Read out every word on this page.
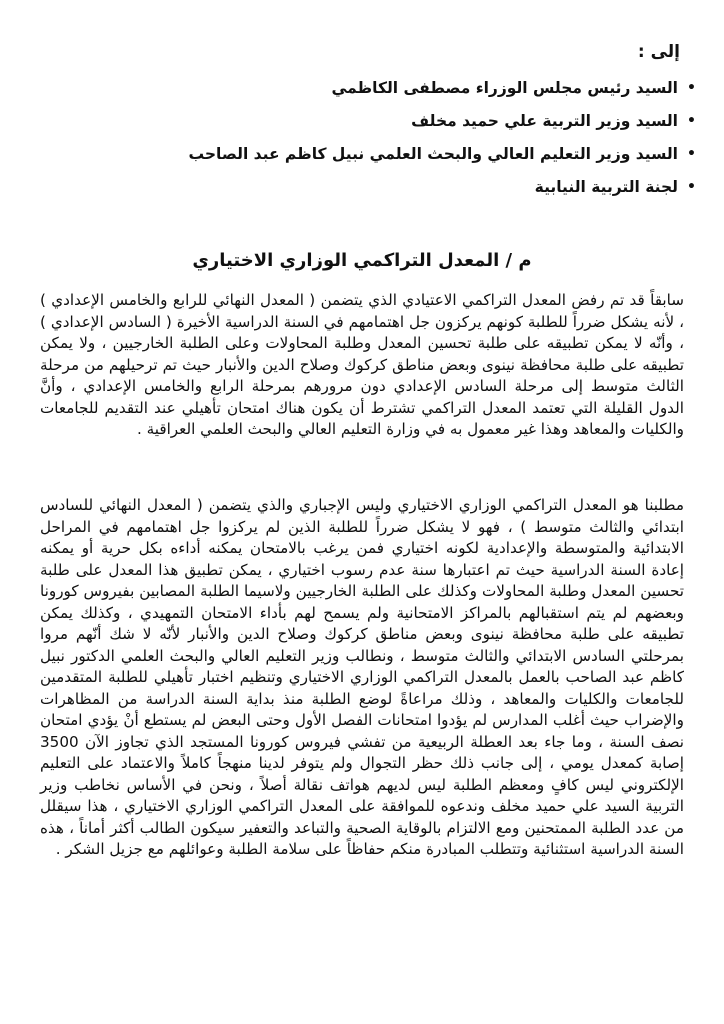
إلى :
•
السيد رئيس مجلس الوزراء مصطفى الكاظمي
•
السيد وزير التربية علي حميد مخلف
•
السيد وزير التعليم العالي والبحث العلمي نبيل كاظم عبد الصاحب
•
لجنة التربية النيابية
م / المعدل التراكمي الوزاري الاختياري

سابقاً قد تم رفض المعدل التراكمي الاعتيادي الذي يتضمن ( المعدل النهائي للرابع والخامس الإعدادي ) ، لأنه يشكل ضرراً للطلبة كونهم يركزون جل اهتمامهم في السنة الدراسية الأخيرة ( السادس الإعدادي ) ، وأنّه لا يمكن تطبيقه على طلبة تحسين المعدل وطلبة المحاولات وعلى الطلبة الخارجيين ، ولا يمكن تطبيقه على طلبة محافظة نينوى وبعض مناطق كركوك وصلاح الدين والأنبار حيث تم ترحيلهم من مرحلة الثالث متوسط إلى مرحلة السادس الإعدادي دون مرورهم بمرحلة الرابع والخامس الإعدادي ، وأنَّ الدول القليلة التي تعتمد المعدل التراكمي تشترط أن يكون هناك امتحان تأهيلي عند التقديم للجامعات والكليات والمعاهد وهذا غير معمول به في وزارة التعليم العالي والبحث العلمي العراقية .

مطلبنا هو المعدل التراكمي الوزاري الاختياري وليس الإجباري والذي يتضمن ( المعدل النهائي للسادس ابتدائي والثالث متوسط ) ، فهو لا يشكل ضرراً للطلبة الذين لم يركزوا جل اهتمامهم في المراحل الابتدائية والمتوسطة والإعدادية لكونه اختياري فمن يرغب بالامتحان يمكنه أداءه بكل حرية أو يمكنه إعادة السنة الدراسية حيث تم اعتبارها سنة عدم رسوب اختياري ، يمكن تطبيق هذا المعدل على طلبة تحسين المعدل وطلبة المحاولات وكذلك على الطلبة الخارجيين ولاسيما الطلبة المصابين بفيروس كورونا وبعضهم لم يتم استقبالهم بالمراكز الامتحانية ولم يسمح لهم بأداء الامتحان التمهيدي ، وكذلك يمكن تطبيقه على طلبة محافظة نينوى وبعض مناطق كركوك وصلاح الدين والأنبار لأنّه لا شك أنّهم مروا بمرحلتي السادس الابتدائي والثالث متوسط ، ونطالب وزير التعليم العالي والبحث العلمي الدكتور نبيل كاظم عبد الصاحب بالعمل بالمعدل التراكمي الوزاري الاختياري وتنظيم اختبار تأهيلي للطلبة المتقدمين للجامعات والكليات والمعاهد ، وذلك مراعاةً لوضع الطلبة منذ بداية السنة الدراسة من المظاهرات والإضراب حيث أغلب المدارس لم يؤدوا امتحانات الفصل الأول وحتى البعض لم يستطع أنْ يؤدي امتحان نصف السنة ، وما جاء بعد العطلة الربيعية من تفشي فيروس كورونا المستجد الذي تجاوز الآن 3500 إصابة كمعدل يومي ، إلى جانب ذلك حظر التجوال ولم يتوفر لدينا منهجاً كاملاً والاعتماد على التعليم الإلكتروني ليس كافٍ ومعظم الطلبة ليس لديهم هواتف نقالة أصلاً ، ونحن في الأساس نخاطب وزير التربية السيد علي حميد مخلف وندعوه للموافقة على المعدل التراكمي الوزاري الاختياري ، هذا سيقلل من عدد الطلبة الممتحنين ومع الالتزام بالوقاية الصحية والتباعد والتعفير سيكون الطالب أكثر أماناً ، هذه السنة الدراسية استثنائية وتتطلب المبادرة منكم حفاظاً على سلامة الطلبة وعوائلهم مع جزيل الشكر .
